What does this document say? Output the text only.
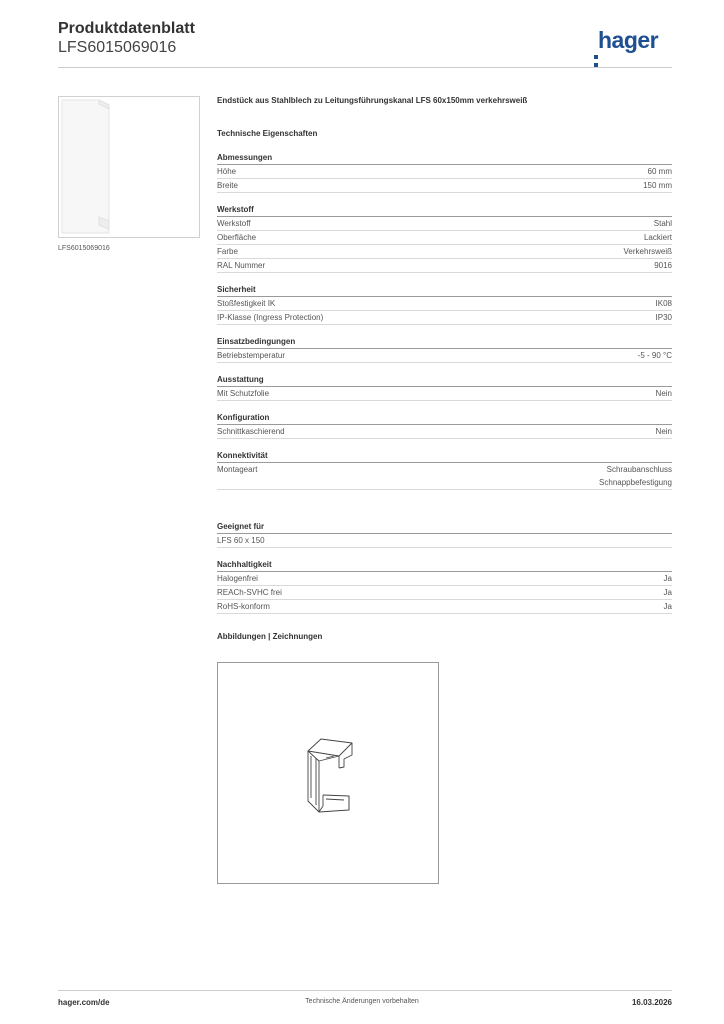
Produktdatenblatt
LFS6015069016	hager
LFS6015069016
Endstück aus Stahlblech zu Leitungsführungskanal LFS 60x150mm verkehrsweiß
Technische Eigenschaften
Abmessungen
Höhe	60 mm
Breite	150 mm
Werkstoff
Werkstoff	Stahl
Oberfläche	Lackiert
Farbe	Verkehrsweiß
RAL Nummer	9016
Sicherheit
Stoßfestigkeit IK	IK08
IP-Klasse (Ingress Protection)	IP30
Einsatzbedingungen
Betriebstemperatur	-5 - 90 °C
Ausstattung
Mit Schutzfolie	Nein
Konfiguration
Schnittkaschierend	Nein
Konnektivität
Montageart	Schraubanschluss
Schnappbefestigung
Geeignet für
LFS 60 x 150
Nachhaltigkeit
Halogenfrei	Ja
REACh-SVHC frei	Ja
RoHS-konform	Ja
Abbildungen | Zeichnungen
hager.com/de	Technische Änderungen vorbehalten	16.03.2026
